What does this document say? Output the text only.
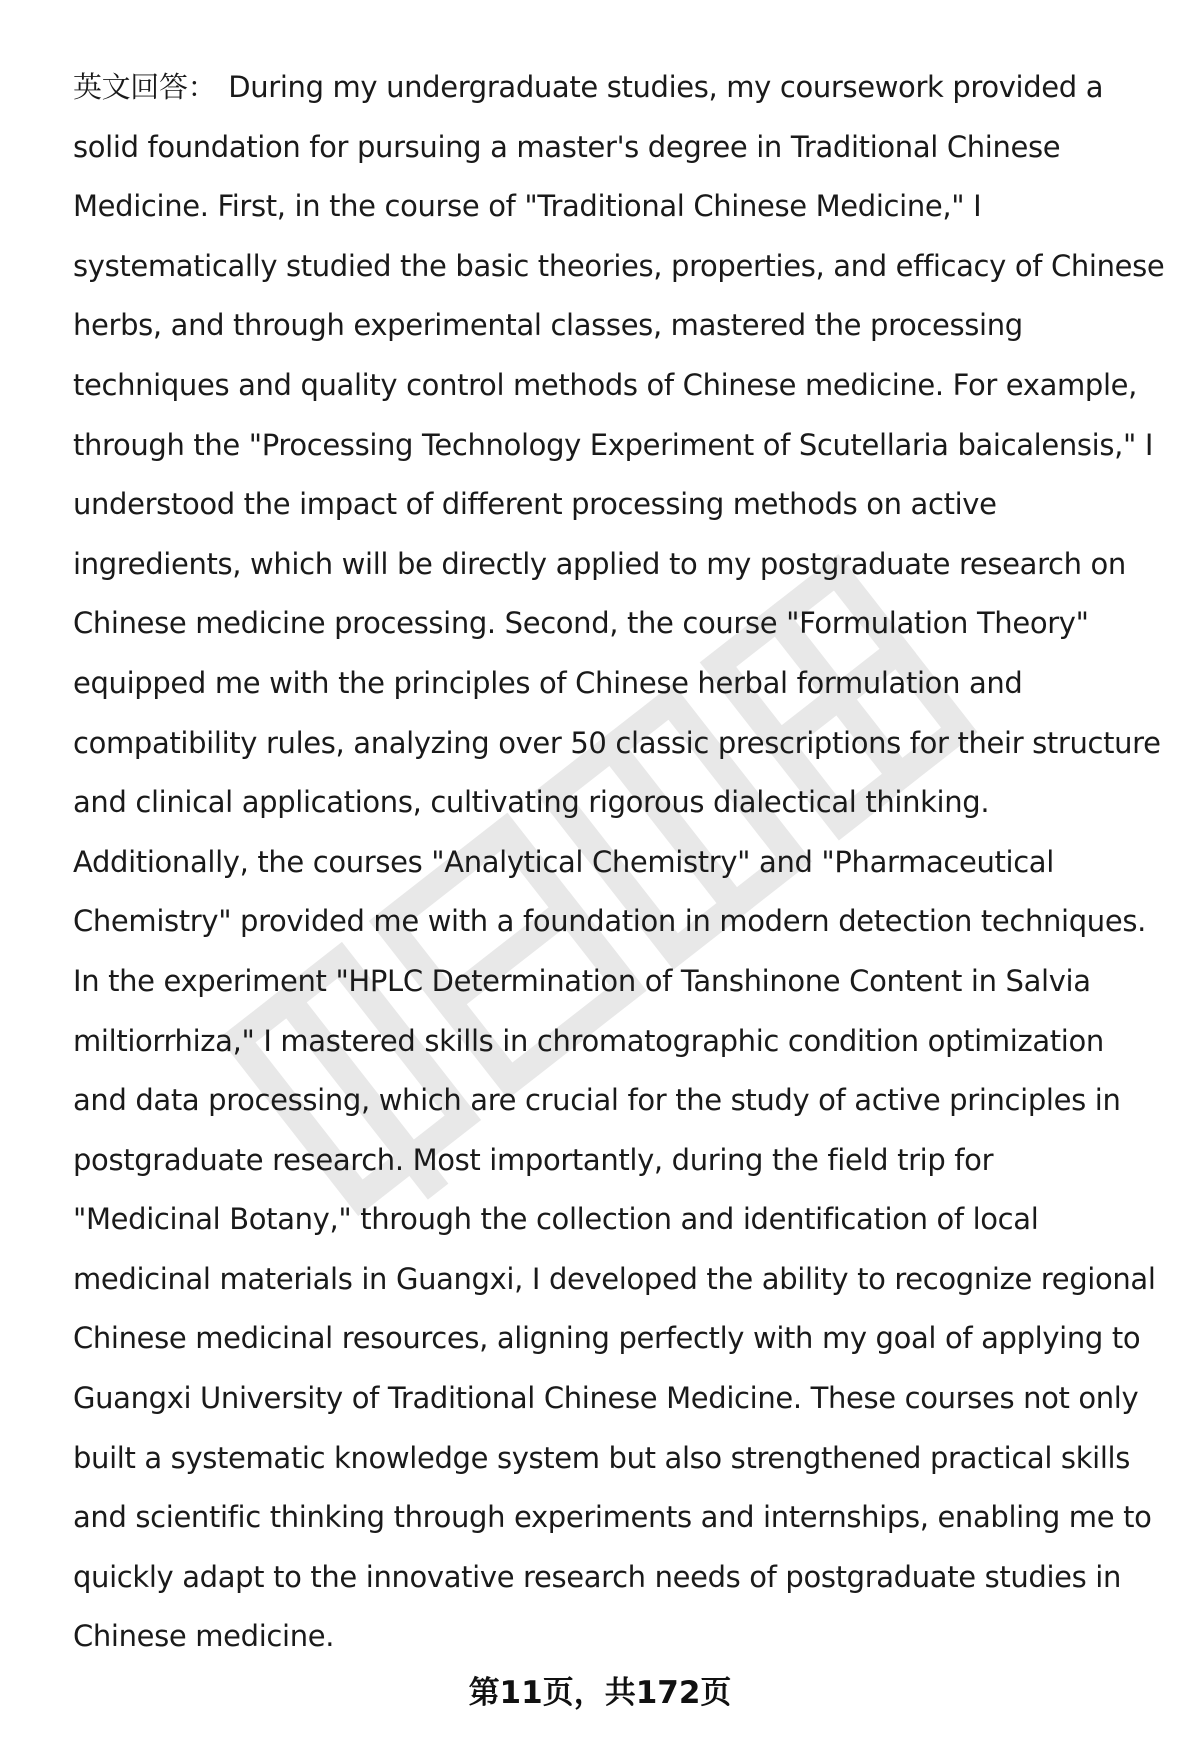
英文回答： During my undergraduate studies, my coursework provided a
solid foundation for pursuing a master's degree in Traditional Chinese
Medicine. First, in the course of "Traditional Chinese Medicine," I
systematically studied the basic theories, properties, and efficacy of Chinese
herbs, and through experimental classes, mastered the processing
techniques and quality control methods of Chinese medicine. For example,
through the "Processing Technology Experiment of Scutellaria baicalensis," I
understood the impact of different processing methods on active
ingredients, which will be directly applied to my postgraduate research on
Chinese medicine processing. Second, the course "Formulation Theory"
equipped me with the principles of Chinese herbal formulation and
compatibility rules, analyzing over 50 classic prescriptions for their structure
and clinical applications, cultivating rigorous dialectical thinking.
Additionally, the courses "Analytical Chemistry" and "Pharmaceutical
Chemistry" provided me with a foundation in modern detection techniques.
In the experiment "HPLC Determination of Tanshinone Content in Salvia
miltiorrhiza," I mastered skills in chromatographic condition optimization
and data processing, which are crucial for the study of active principles in
postgraduate research. Most importantly, during the field trip for
"Medicinal Botany," through the collection and identification of local
medicinal materials in Guangxi, I developed the ability to recognize regional
Chinese medicinal resources, aligning perfectly with my goal of applying to
Guangxi University of Traditional Chinese Medicine. These courses not only
built a systematic knowledge system but also strengthened practical skills
and scientific thinking through experiments and internships, enabling me to
quickly adapt to the innovative research needs of postgraduate studies in
Chinese medicine.
第11页，共172页
